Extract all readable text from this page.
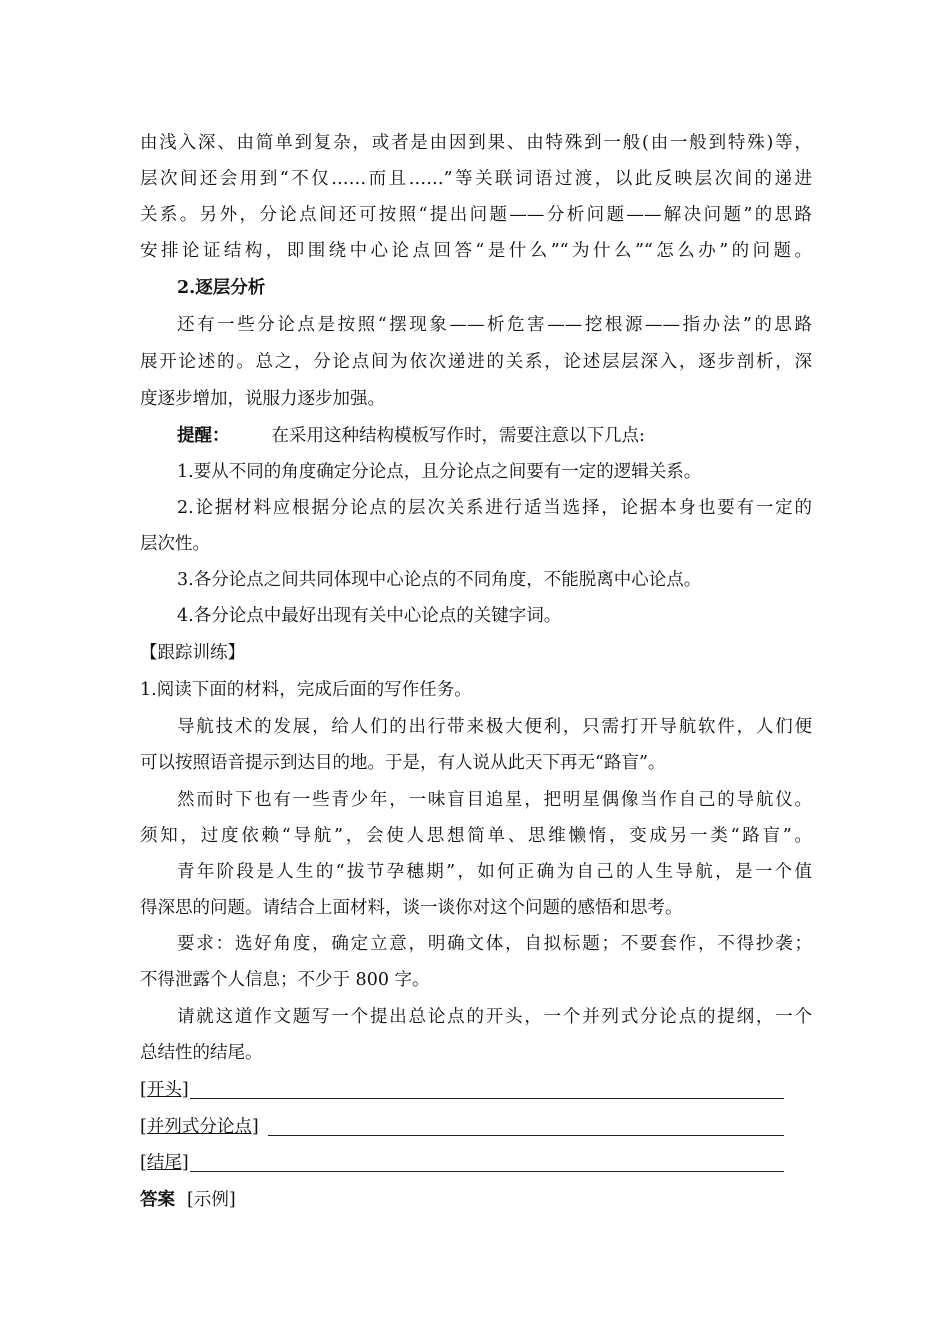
由浅入深、由简单到复杂，或者是由因到果、由特殊到一般(由一般到特殊)等，
层次间还会用到“不仅……而且……”等关联词语过渡，以此反映层次间的递进
关系。另外，分论点间还可按照“提出问题——分析问题——解决问题”的思路
安排论证结构，即围绕中心论点回答“是什么”“为什么”“怎么办”的问题。
2.逐层分析
还有一些分论点是按照“摆现象——析危害——挖根源——指办法”的思路
展开论述的。总之，分论点间为依次递进的关系，论述层层深入，逐步剖析，深
度逐步增加，说服力逐步加强。
提醒： 在采用这种结构模板写作时，需要注意以下几点:
1.要从不同的角度确定分论点，且分论点之间要有一定的逻辑关系。
2.论据材料应根据分论点的层次关系进行适当选择，论据本身也要有一定的
层次性。
3.各分论点之间共同体现中心论点的不同角度，不能脱离中心论点。
4.各分论点中最好出现有关中心论点的关键字词。
【跟踪训练】
1.阅读下面的材料，完成后面的写作任务。
导航技术的发展，给人们的出行带来极大便利，只需打开导航软件，人们便
可以按照语音提示到达目的地。于是，有人说从此天下再无“路盲”。
然而时下也有一些青少年，一味盲目追星，把明星偶像当作自己的导航仪。
须知，过度依赖“导航”，会使人思想简单、思维懒惰，变成另一类“路盲”。
青年阶段是人生的“拔节孕穗期”，如何正确为自己的人生导航，是一个值
得深思的问题。请结合上面材料，谈一谈你对这个问题的感悟和思考。
要求：选好角度，确定立意，明确文体，自拟标题；不要套作，不得抄袭；
不得泄露个人信息；不少于 800 字。
请就这道作文题写一个提出总论点的开头，一个并列式分论点的提纲，一个
总结性的结尾。
[开头]
[并列式分论点]
[结尾]
答案 [示例]
